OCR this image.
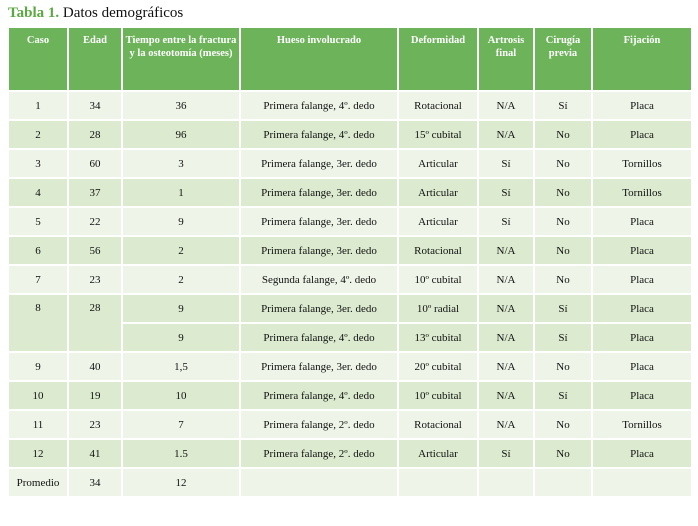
Tabla 1. Datos demográficos
Caso	Edad	Tiempo entre la fractura y la osteotomía (meses)	Hueso involucrado	Deformidad	Artrosis final	Cirugía previa	Fijación
1	34	36	Primera falange, 4º. dedo	Rotacional	N/A	Sí	Placa
2	28	96	Primera falange, 4º. dedo	15º cubital	N/A	No	Placa
3	60	3	Primera falange, 3er. dedo	Articular	Sí	No	Tornillos
4	37	1	Primera falange, 3er. dedo	Articular	Sí	No	Tornillos
5	22	9	Primera falange, 3er. dedo	Articular	Sí	No	Placa
6	56	2	Primera falange, 3er. dedo	Rotacional	N/A	No	Placa
7	23	2	Segunda falange, 4º. dedo	10º cubital	N/A	No	Placa
8	28	9	Primera falange, 3er. dedo	10º radial	N/A	Sí	Placa
		9	Primera falange, 4º. dedo	13º cubital	N/A	Sí	Placa
9	40	1,5	Primera falange, 3er. dedo	20º cubital	N/A	No	Placa
10	19	10	Primera falange, 4º. dedo	10º cubital	N/A	Sí	Placa
11	23	7	Primera falange, 2º. dedo	Rotacional	N/A	No	Tornillos
12	41	1.5	Primera falange, 2º. dedo	Articular	Sí	No	Placa
Promedio	34	12					
